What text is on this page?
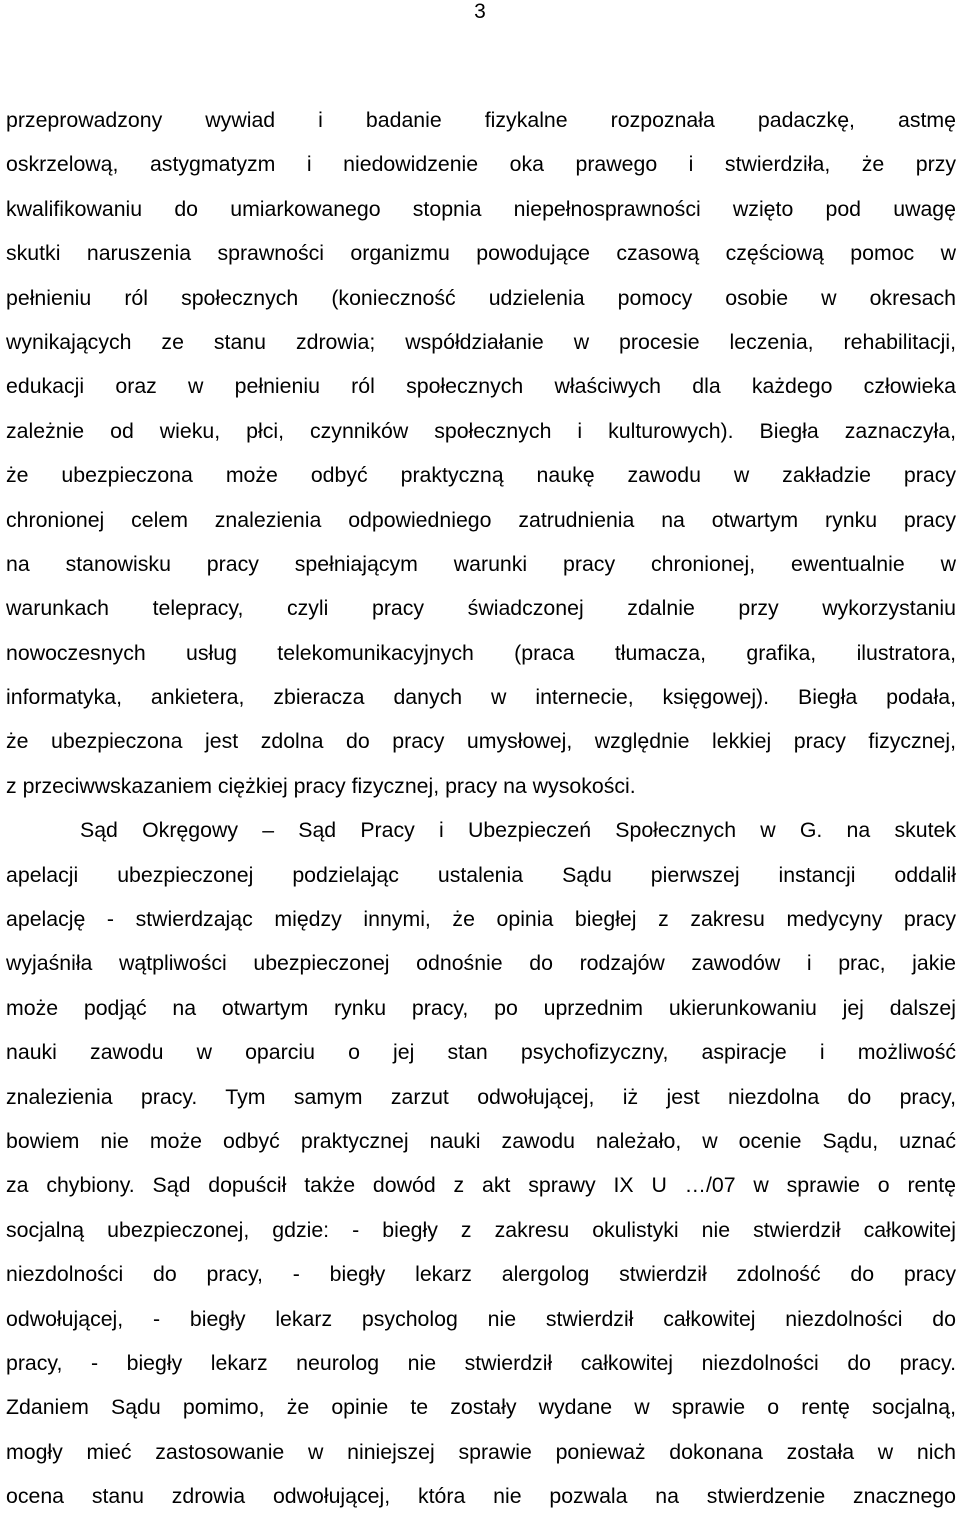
3
przeprowadzony wywiad i badanie fizykalne rozpoznała padaczkę, astmę
oskrzelową, astygmatyzm i niedowidzenie oka prawego i stwierdziła, że przy
kwalifikowaniu do umiarkowanego stopnia niepełnosprawności wzięto pod uwagę
skutki naruszenia sprawności organizmu powodujące czasową częściową pomoc w
pełnieniu ról społecznych (konieczność udzielenia pomocy osobie w okresach
wynikających ze stanu zdrowia; współdziałanie w procesie leczenia, rehabilitacji,
edukacji oraz w pełnieniu ról społecznych właściwych dla każdego człowieka
zależnie od wieku, płci, czynników społecznych i kulturowych). Biegła zaznaczyła,
że ubezpieczona może odbyć praktyczną naukę zawodu w zakładzie pracy
chronionej celem znalezienia odpowiedniego zatrudnienia na otwartym rynku pracy
na stanowisku pracy spełniającym warunki pracy chronionej, ewentualnie w
warunkach telepracy, czyli pracy świadczonej zdalnie przy wykorzystaniu
nowoczesnych usług telekomunikacyjnych (praca tłumacza, grafika, ilustratora,
informatyka, ankietera, zbieracza danych w internecie, księgowej). Biegła podała,
że ubezpieczona jest zdolna do pracy umysłowej, względnie lekkiej pracy fizycznej,
z przeciwwskazaniem ciężkiej pracy fizycznej, pracy na wysokości.
Sąd Okręgowy – Sąd Pracy i Ubezpieczeń Społecznych w G. na skutek
apelacji ubezpieczonej podzielając ustalenia Sądu pierwszej instancji oddalił
apelację - stwierdzając między innymi, że opinia biegłej z zakresu medycyny pracy
wyjaśniła wątpliwości ubezpieczonej odnośnie do rodzajów zawodów i prac, jakie
może podjąć na otwartym rynku pracy, po uprzednim ukierunkowaniu jej dalszej
nauki zawodu w oparciu o jej stan psychofizyczny, aspiracje i możliwość
znalezienia pracy. Tym samym zarzut odwołującej, iż jest niezdolna do pracy,
bowiem nie może odbyć praktycznej nauki zawodu należało, w ocenie Sądu, uznać
za chybiony. Sąd dopuścił także dowód z akt sprawy IX U …/07 w sprawie o rentę
socjalną ubezpieczonej, gdzie: - biegły z zakresu okulistyki nie stwierdził całkowitej
niezdolności do pracy, - biegły lekarz alergolog stwierdził zdolność do pracy
odwołującej, - biegły lekarz psycholog nie stwierdził całkowitej niezdolności do
pracy, - biegły lekarz neurolog nie stwierdził całkowitej niezdolności do pracy.
Zdaniem Sądu pomimo, że opinie te zostały wydane w sprawie o rentę socjalną,
mogły mieć zastosowanie w niniejszej sprawie ponieważ dokonana została w nich
ocena stanu zdrowia odwołującej, która nie pozwala na stwierdzenie znacznego
